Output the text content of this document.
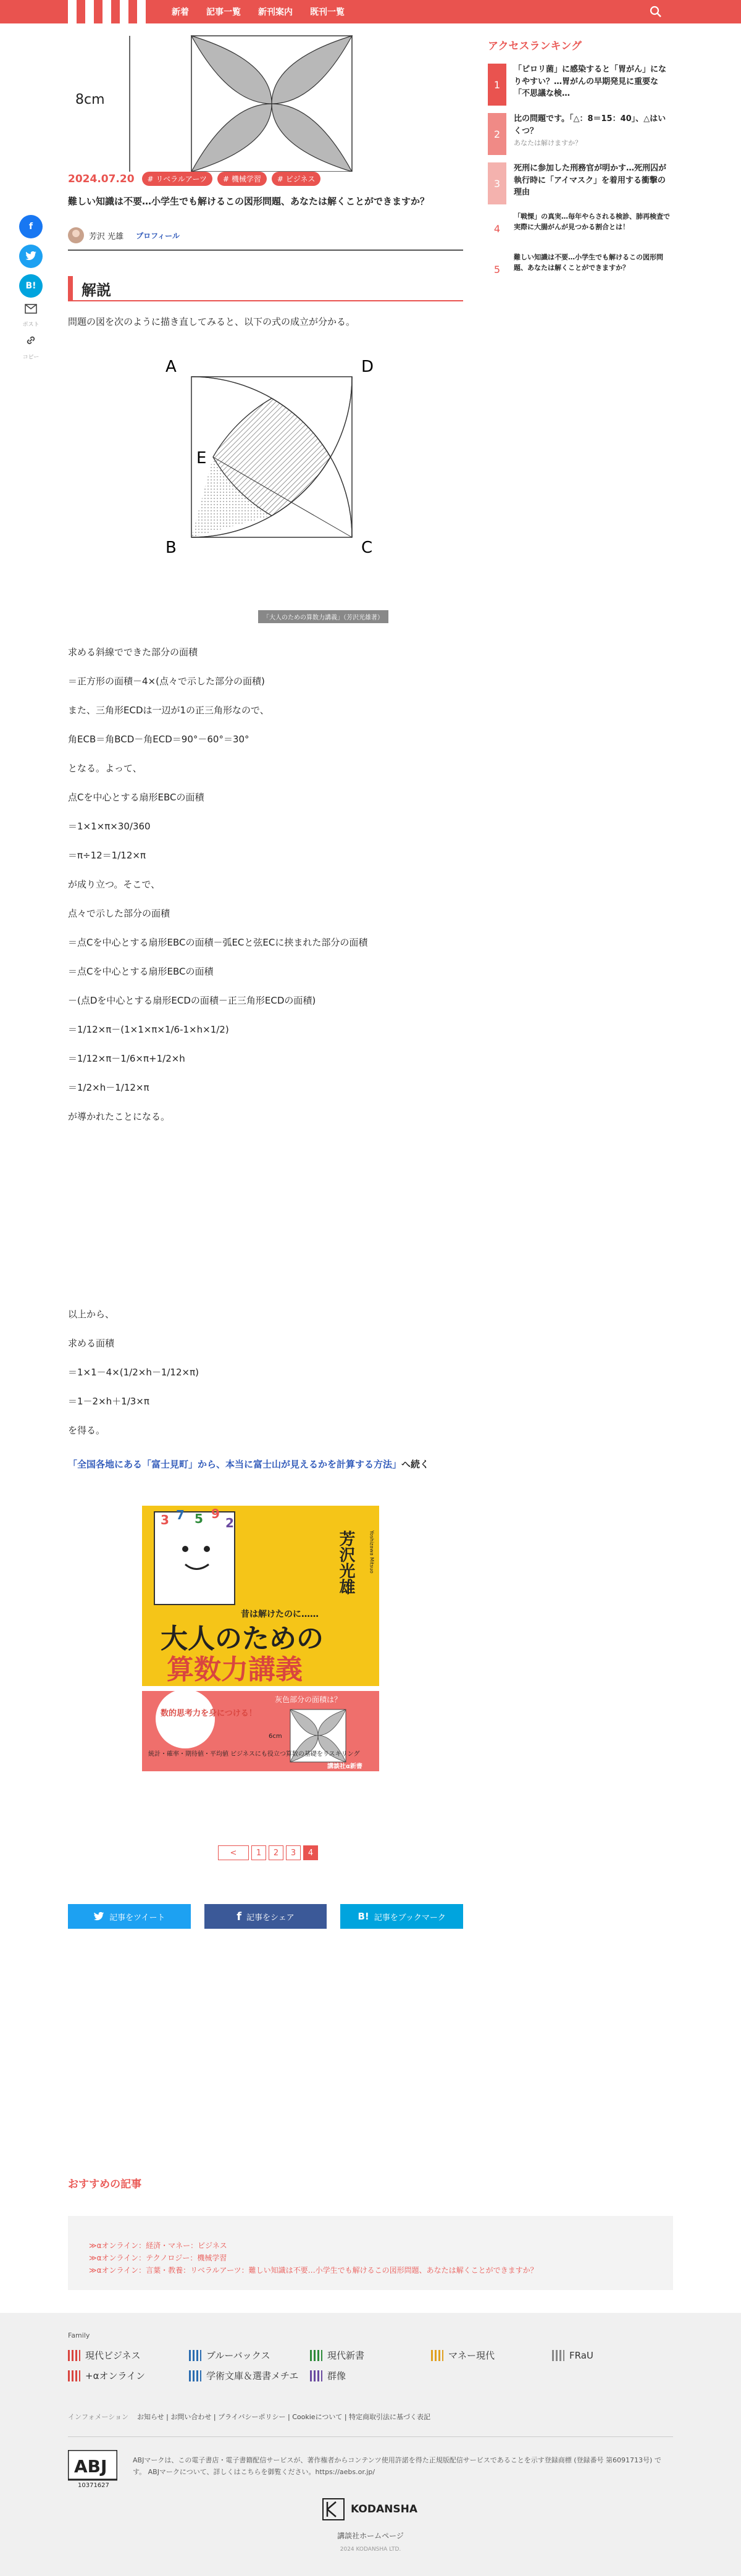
新着 記事一覧 新刊案内 既刊一覧
f
B!
ポスト
コピー
8cm
2024.07.20	# リベラルアーツ	# 機械学習	# ビジネス
難しい知識は不要…小学生でも解けるこの図形問題、あなたは解くことができますか？
芳沢 光雄 プロフィール
解説

問題の図を次のように描き直してみると、以下の式の成立が分かる。

A	D
B	C
E
「大人のための算数力講義」（芳沢光雄著）

求める斜線でできた部分の面積

＝正方形の面積－4×(点々で示した部分の面積)

また、三角形ECDは一辺が1の正三角形なので、

角ECB＝角BCD－角ECD＝90°－60°＝30°

となる。よって、

点Cを中心とする扇形EBCの面積

＝1×1×π×30/360

＝π÷12＝1/12×π

が成り立つ。そこで、

点々で示した部分の面積

＝点Cを中心とする扇形EBCの面積－弧ECと弦ECに挟まれた部分の面積

＝点Cを中心とする扇形EBCの面積

－(点Dを中心とする扇形ECDの面積－正三角形ECDの面積)

＝1/12×π－(1×1×π×1/6-1×h×1/2)

＝1/12×π－1/6×π+1/2×h

＝1/2×h－1/12×π

が導かれたことになる。

以上から、

求める面積

＝1×1－4×(1/2×h－1/12×π)

＝1－2×h＋1/3×π

を得る。

「全国各地にある「富士見町」から、本当に富士山が見えるかを計算する方法」へ続く

3 7 5 9
2
芳沢光雄	Yoshizawa Mitsuo
昔は解けたのに……
大人のための
算数力講義
数的思考力を身につける！
灰色部分の面積は？
6cm
統計・確率・期待値・平均値 ビジネスにも役立つ算数の基礎をリスキリング
講談社α新書
<	1	2	3	4
記事をツイート	f 記事をシェア	B! 記事をブックマーク
アクセスランキング
1
「ピロリ菌」に感染すると「胃がん」になりやすい？…胃がんの早期発見に重要な「不思議な検…
2
比の問題です。「△：8＝15：40」、△はいくつ？
あなたは解けますか？
3
死刑に参加した刑務官が明かす…死刑囚が執行時に「アイマスク」を着用する衝撃の理由
4
「戦慄」の真実…毎年やらされる検診、肺再検査で実際に大腸がんが見つかる割合とは！
5
難しい知識は不要…小学生でも解けるこの図形問題、あなたは解くことができますか？
おすすめの記事

≫αオンライン：経済・マネー：ビジネス

≫αオンライン：テクノロジー：機械学習

≫αオンライン：言葉・教養：リベラルアーツ：難しい知識は不要…小学生でも解けるこの図形問題、あなたは解くことができますか？

Family
現代ビジネス	ブルーバックス	現代新書	マネー現代	FRaU
+αオンライン	学術文庫＆選書メチエ	群像
インフォメーション お知らせ | お問い合わせ | プライバシーポリシー | Cookieについて | 特定商取引法に基づく表記
ABJ
10371627

ABJマークは、この電子書店・電子書籍配信サービスが、著作権者からコンテンツ使用許諾を得た正規版配信サービスであることを示す登録商標 (登録番号 第6091713号) です。 ABJマークについて、詳しくはこちらを御覧ください。https://aebs.or.jp/

KODANSHA

講談社ホームページ

2024 KODANSHA LTD.
